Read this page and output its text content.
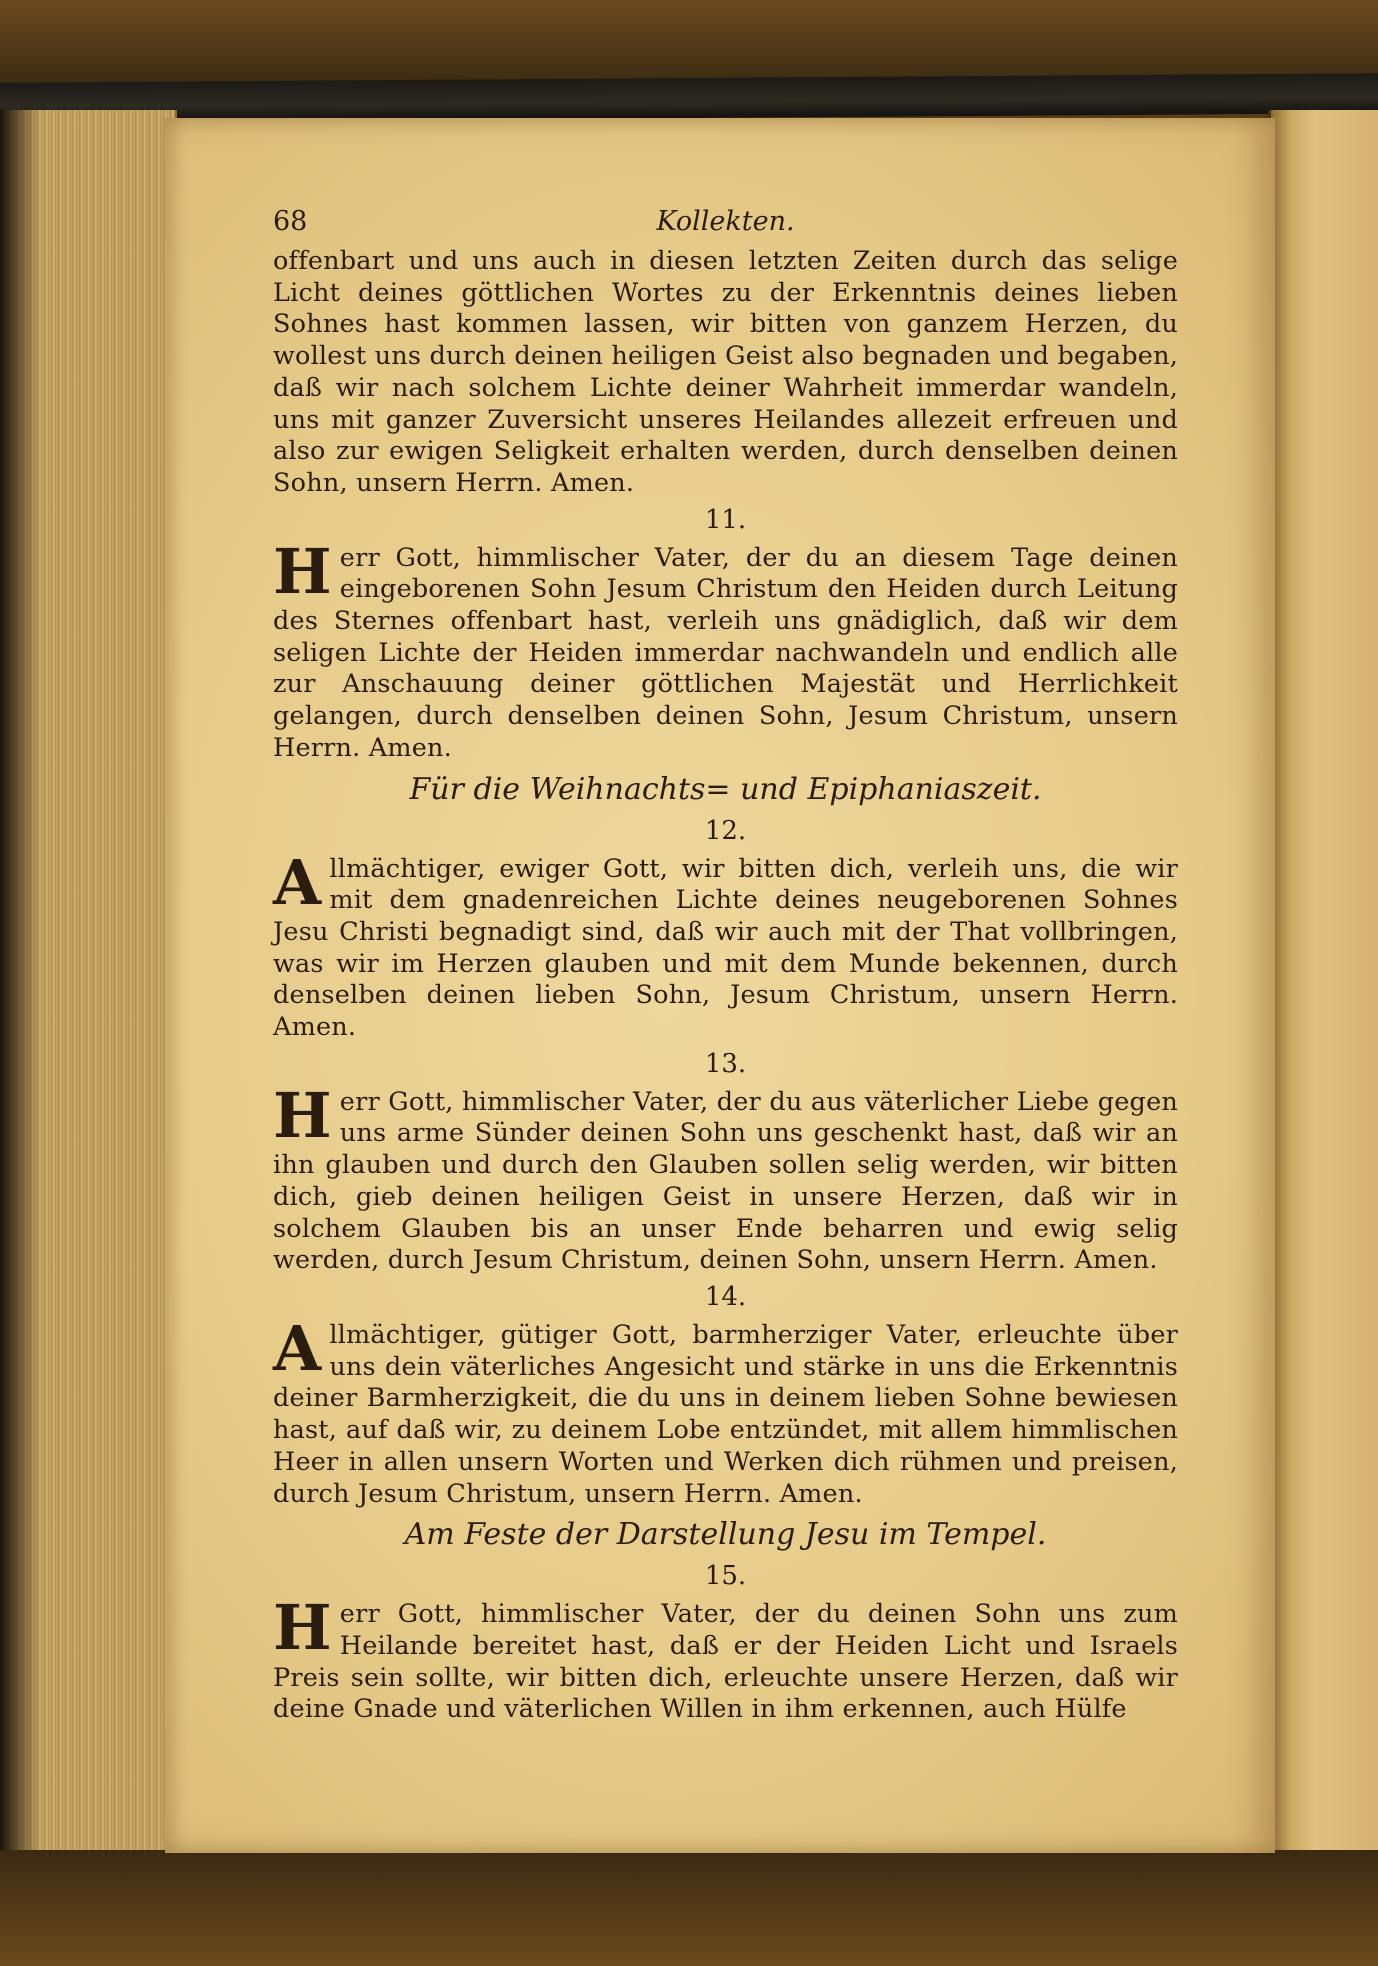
68	Kollekten.

offenbart und uns auch in diesen letzten Zeiten durch das selige Licht deines göttlichen Wortes zu der Erkenntnis deines lieben Sohnes hast kommen lassen, wir bitten von ganzem Herzen, du wollest uns durch deinen heiligen Geist also begnaden und begaben, daß wir nach solchem Lichte deiner Wahrheit immerdar wandeln, uns mit ganzer Zuversicht unseres Heilandes allezeit erfreuen und also zur ewigen Seligkeit erhalten werden, durch denselben deinen Sohn, unsern Herrn. Amen.

11.

Herr Gott, himmlischer Vater, der du an diesem Tage deinen eingeborenen Sohn Jesum Christum den Heiden durch Leitung des Sternes offenbart hast, verleih uns gnädiglich, daß wir dem seligen Lichte der Heiden immerdar nachwandeln und endlich alle zur Anschauung deiner göttlichen Majestät und Herrlichkeit gelangen, durch denselben deinen Sohn, Jesum Christum, unsern Herrn. Amen.

Für die Weihnachts= und Epiphaniaszeit.
12.

Allmächtiger, ewiger Gott, wir bitten dich, verleih uns, die wir mit dem gnadenreichen Lichte deines neugeborenen Sohnes Jesu Christi begnadigt sind, daß wir auch mit der That vollbringen, was wir im Herzen glauben und mit dem Munde bekennen, durch denselben deinen lieben Sohn, Jesum Christum, unsern Herrn. Amen.

13.

Herr Gott, himmlischer Vater, der du aus väterlicher Liebe gegen uns arme Sünder deinen Sohn uns geschenkt hast, daß wir an ihn glauben und durch den Glauben sollen selig werden, wir bitten dich, gieb deinen heiligen Geist in unsere Herzen, daß wir in solchem Glauben bis an unser Ende beharren und ewig selig werden, durch Jesum Christum, deinen Sohn, unsern Herrn. Amen.

14.

Allmächtiger, gütiger Gott, barmherziger Vater, erleuchte über uns dein väterliches Angesicht und stärke in uns die Erkenntnis deiner Barmherzigkeit, die du uns in deinem lieben Sohne bewiesen hast, auf daß wir, zu deinem Lobe entzündet, mit allem himmlischen Heer in allen unsern Worten und Werken dich rühmen und preisen, durch Jesum Christum, unsern Herrn. Amen.

Am Feste der Darstellung Jesu im Tempel.
15.

Herr Gott, himmlischer Vater, der du deinen Sohn uns zum Heilande bereitet hast, daß er der Heiden Licht und Israels Preis sein sollte, wir bitten dich, erleuchte unsere Herzen, daß wir deine Gnade und väterlichen Willen in ihm erkennen, auch Hülfe
